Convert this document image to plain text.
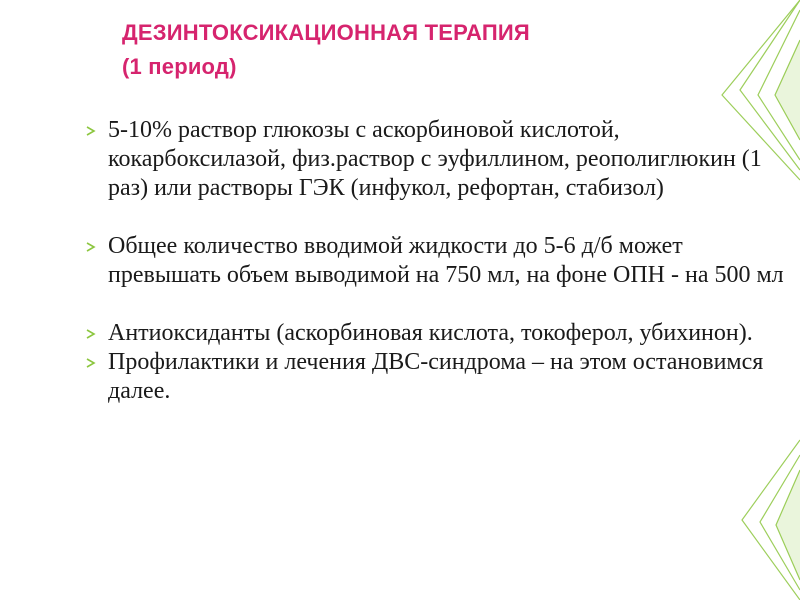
ДЕЗИНТОКСИКАЦИОННАЯ ТЕРАПИЯ
(1 период)
5-10% раствор глюкозы с аскорбиновой кислотой, кокарбоксилазой, физ.раствор с эуфиллином, реополиглюкин (1 раз) или растворы ГЭК (инфукол, рефортан, стабизол)
Общее количество вводимой жидкости до 5-6 д/б может превышать объем выводимой на 750 мл, на фоне ОПН - на 500 мл
Антиоксиданты (аскорбиновая кислота, токоферол, убихинон).
Профилактики и лечения ДВС-синдрома – на этом остановимся далее.
